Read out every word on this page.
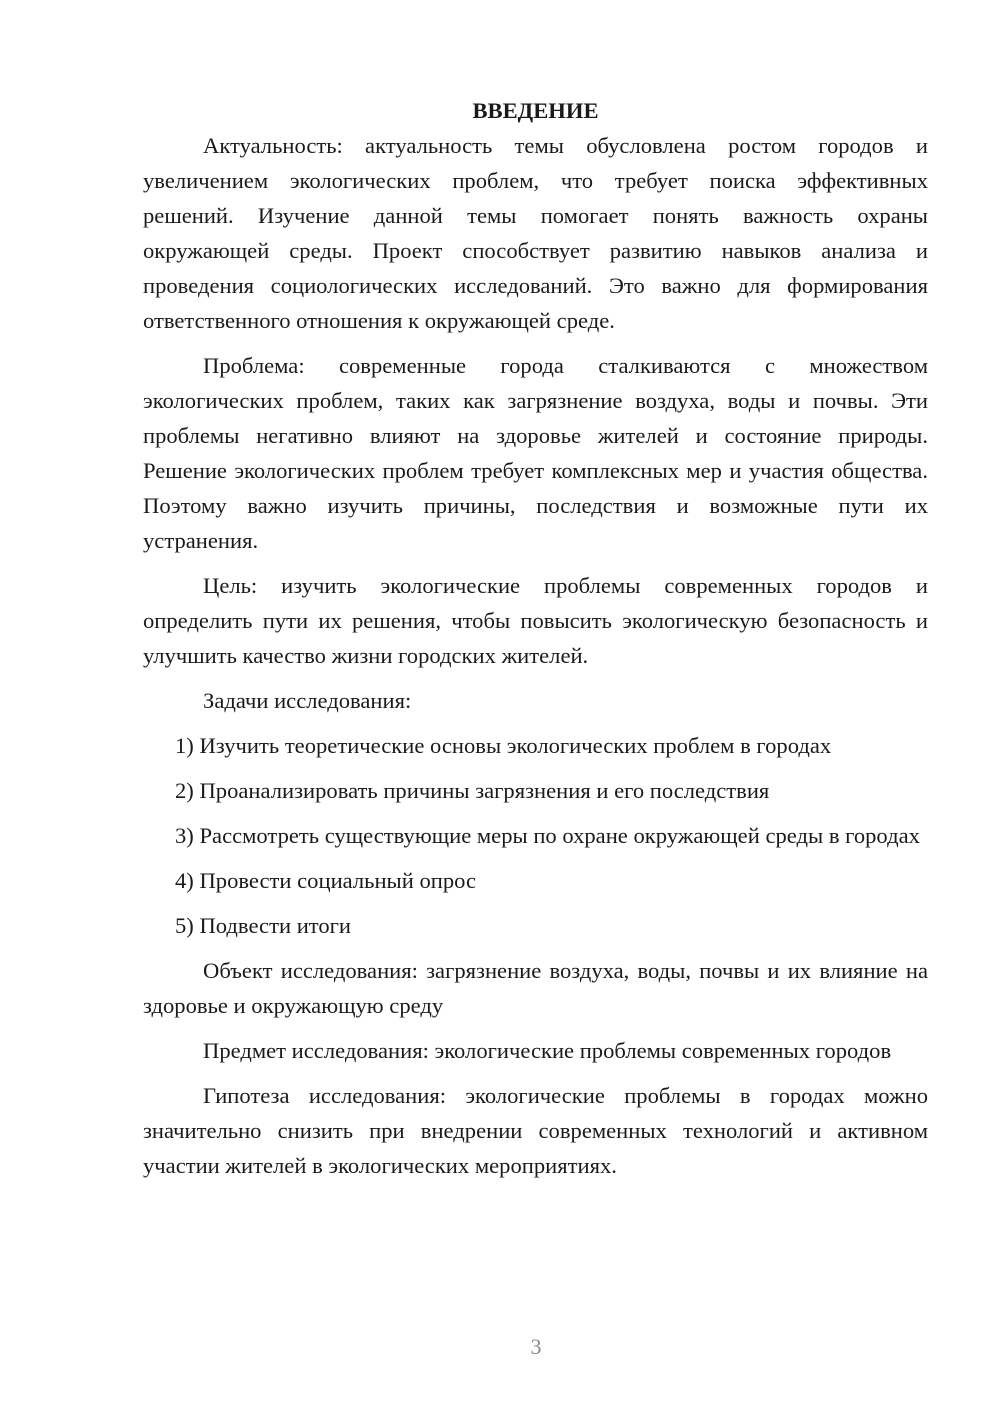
ВВЕДЕНИЕ

Актуальность: актуальность темы обусловлена ростом городов и увеличением экологических проблем, что требует поиска эффективных решений. Изучение данной темы помогает понять важность охраны окружающей среды. Проект способствует развитию навыков анализа и проведения социологических исследований. Это важно для формирования ответственного отношения к окружающей среде.

Проблема: современные города сталкиваются с множеством экологических проблем, таких как загрязнение воздуха, воды и почвы. Эти проблемы негативно влияют на здоровье жителей и состояние природы. Решение экологических проблем требует комплексных мер и участия общества. Поэтому важно изучить причины, последствия и возможные пути их устранения.

Цель: изучить экологические проблемы современных городов и определить пути их решения, чтобы повысить экологическую безопасность и улучшить качество жизни городских жителей.

Задачи исследования:

1) Изучить теоретические основы экологических проблем в городах

2) Проанализировать причины загрязнения и его последствия

3) Рассмотреть существующие меры по охране окружающей среды в городах

4) Провести социальный опрос

5) Подвести итоги

Объект исследования: загрязнение воздуха, воды, почвы и их влияние на здоровье и окружающую среду

Предмет исследования: экологические проблемы современных городов

Гипотеза исследования: экологические проблемы в городах можно значительно снизить при внедрении современных технологий и активном участии жителей в экологических мероприятиях.

3
